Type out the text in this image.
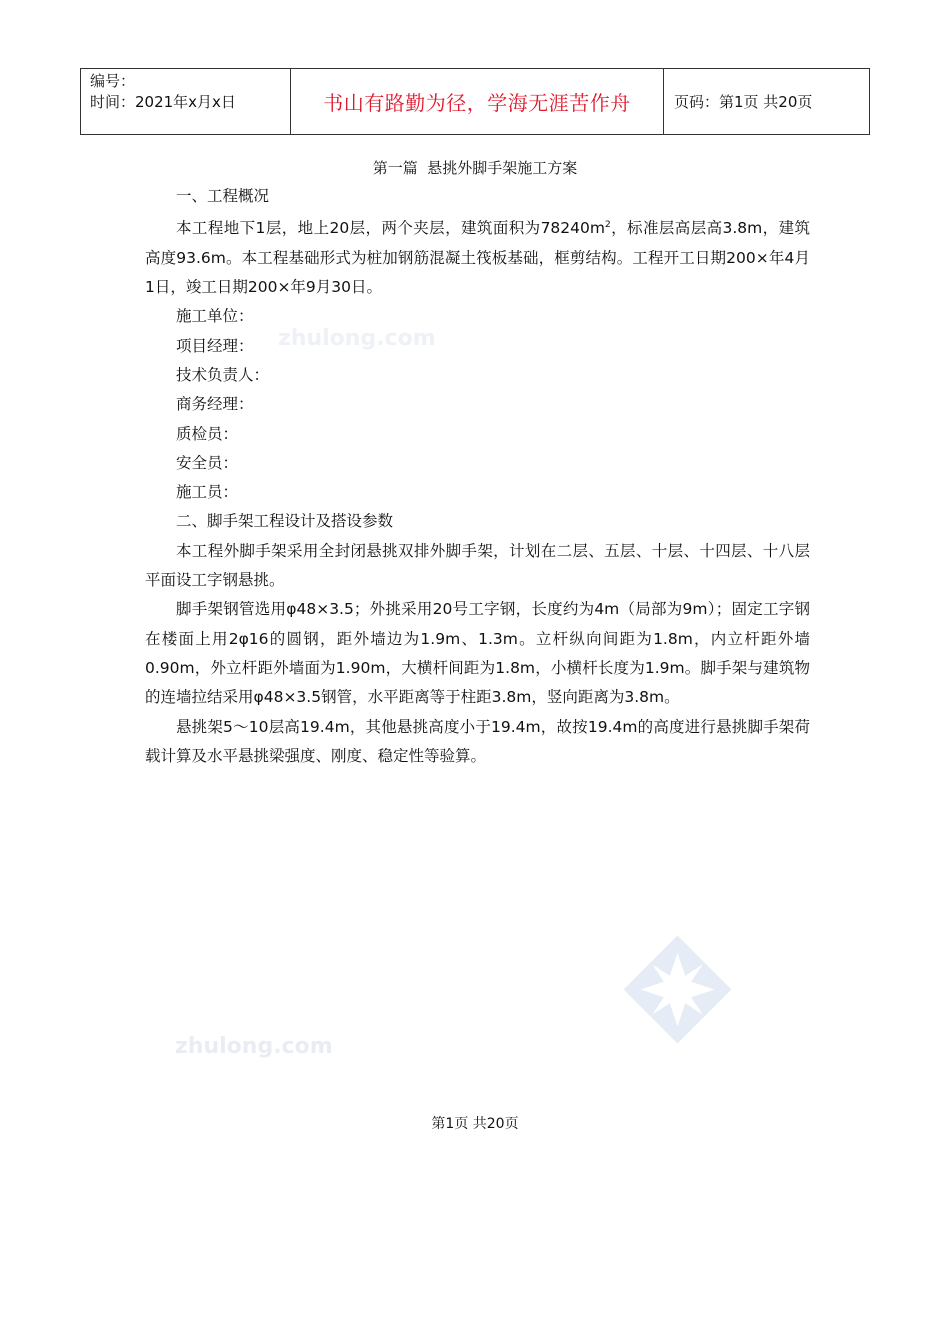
编号：
时间：2021年x月x日	书山有路勤为径，学海无涯苦作舟	页码：第1页 共20页
第一篇  悬挑外脚手架施工方案

一、工程概况

本工程地下1层，地上20层，两个夹层，建筑面积为$78240m^2$，标准层高层高3.8m，建筑高度93.6m。本工程基础形式为桩加钢筋混凝土筏板基础，框剪结构。工程开工日期200×年4月1日，竣工日期200×年9月30日。

施工单位：

项目经理：

技术负责人：

商务经理：

质检员：

安全员：

施工员：

二、脚手架工程设计及搭设参数

本工程外脚手架采用全封闭悬挑双排外脚手架，计划在二层、五层、十层、十四层、十八层平面设工字钢悬挑。

脚手架钢管选用φ48×3.5；外挑采用20号工字钢，长度约为4m（局部为9m）；固定工字钢在楼面上用2φ16的圆钢，距外墙边为1.9m、1.3m。立杆纵向间距为1.8m，内立杆距外墙0.90m，外立杆距外墙面为1.90m，大横杆间距为1.8m，小横杆长度为1.9m。脚手架与建筑物的连墙拉结采用φ48×3.5钢管，水平距离等于柱距3.8m，竖向距离为3.8m。

悬挑架5～10层高19.4m，其他悬挑高度小于19.4m，故按19.4m的高度进行悬挑脚手架荷载计算及水平悬挑梁强度、刚度、稳定性等验算。

zhulong.com
zhulong.com
第1页 共20页
